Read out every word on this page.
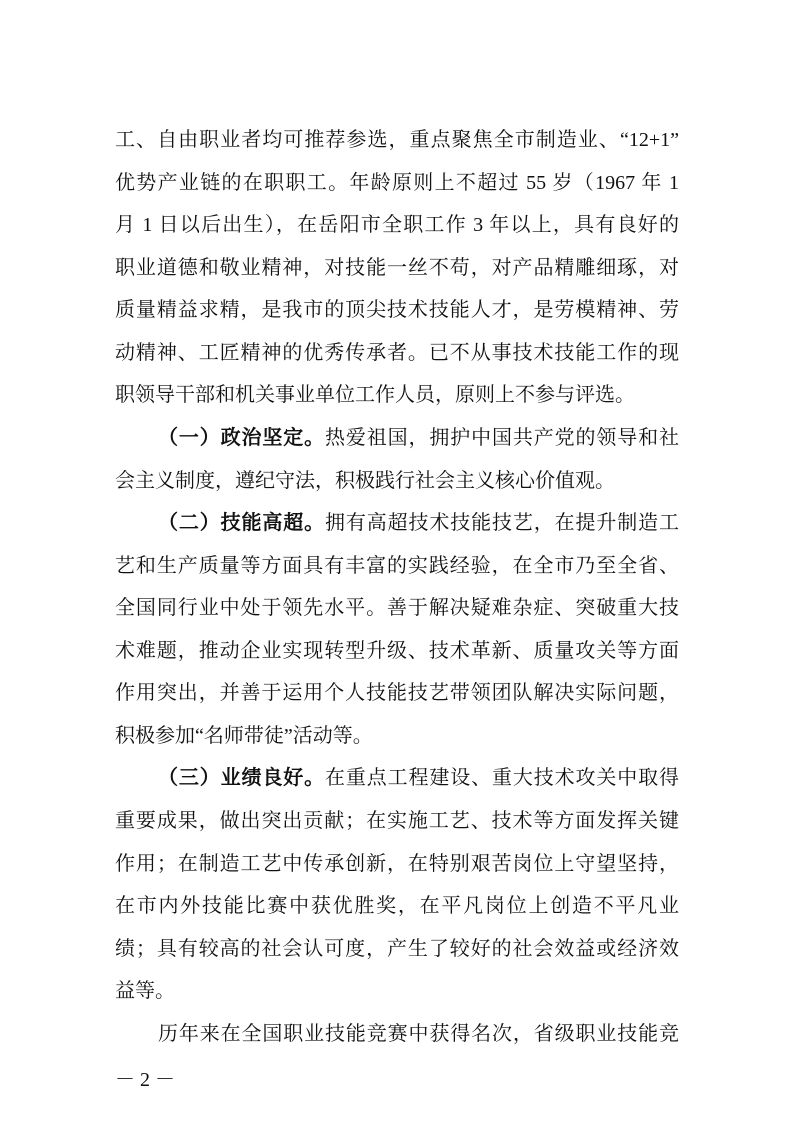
工、自由职业者均可推荐参选，重点聚焦全市制造业、“12+1”
优势产业链的在职职工。年龄原则上不超过 55 岁（1967 年 1
月 1 日以后出生），在岳阳市全职工作 3 年以上，具有良好的
职业道德和敬业精神，对技能一丝不苟，对产品精雕细琢，对
质量精益求精，是我市的顶尖技术技能人才，是劳模精神、劳
动精神、工匠精神的优秀传承者。已不从事技术技能工作的现
职领导干部和机关事业单位工作人员，原则上不参与评选。
（一）政治坚定。热爱祖国，拥护中国共产党的领导和社
会主义制度，遵纪守法，积极践行社会主义核心价值观。
（二）技能高超。拥有高超技术技能技艺，在提升制造工
艺和生产质量等方面具有丰富的实践经验，在全市乃至全省、
全国同行业中处于领先水平。善于解决疑难杂症、突破重大技
术难题，推动企业实现转型升级、技术革新、质量攻关等方面
作用突出，并善于运用个人技能技艺带领团队解决实际问题，
积极参加“名师带徒”活动等。
（三）业绩良好。在重点工程建设、重大技术攻关中取得
重要成果，做出突出贡献；在实施工艺、技术等方面发挥关键
作用；在制造工艺中传承创新，在特别艰苦岗位上守望坚持，
在市内外技能比赛中获优胜奖，在平凡岗位上创造不平凡业
绩；具有较高的社会认可度，产生了较好的社会效益或经济效
益等。
历年来在全国职业技能竞赛中获得名次，省级职业技能竞
－ 2 －
